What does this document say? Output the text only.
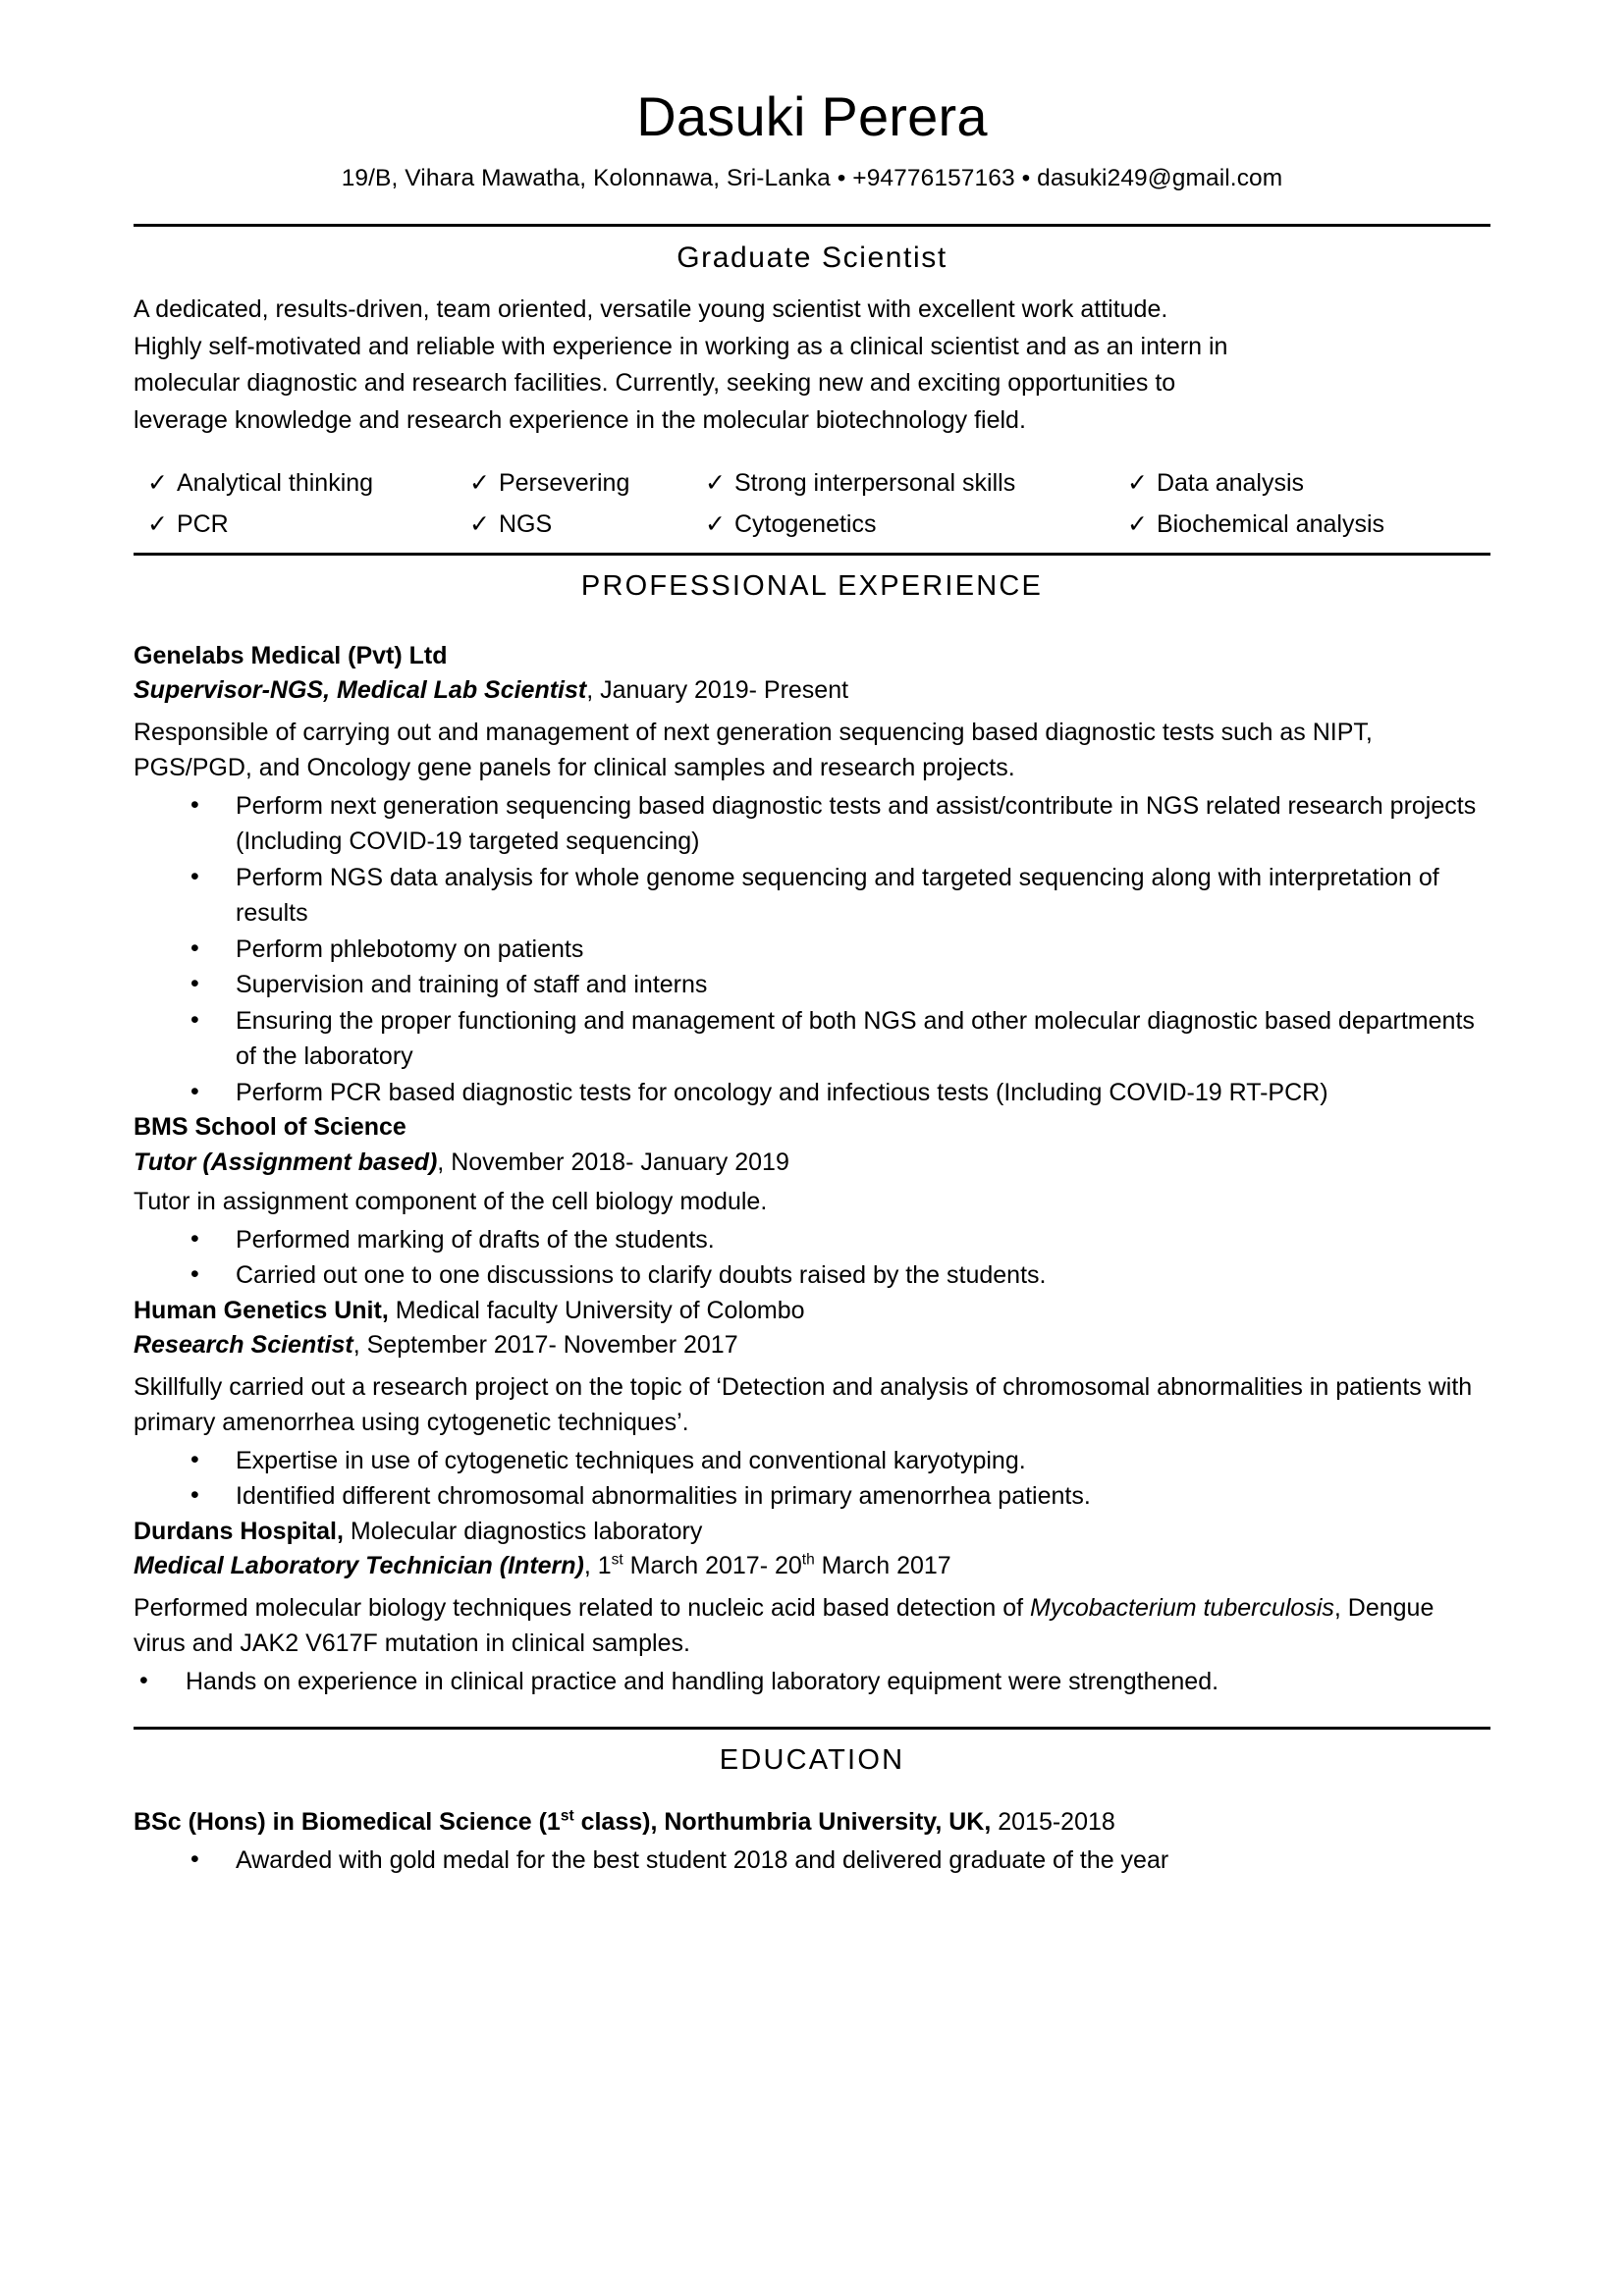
Dasuki Perera
19/B, Vihara Mawatha, Kolonnawa, Sri-Lanka • +94776157163 • dasuki249@gmail.com
Graduate Scientist
A dedicated, results-driven, team oriented, versatile young scientist with excellent work attitude.
Highly self-motivated and reliable with experience in working as a clinical scientist and as an intern in
molecular diagnostic and research facilities. Currently, seeking new and exciting opportunities to
leverage knowledge and research experience in the molecular biotechnology field.
✓ Analytical thinking	✓ Persevering	✓ Strong interpersonal skills	✓ Data analysis
✓ PCR	✓ NGS	✓ Cytogenetics	✓ Biochemical analysis
PROFESSIONAL EXPERIENCE
Genelabs Medical (Pvt) Ltd
Supervisor-NGS, Medical Lab Scientist, January 2019- Present
Responsible of carrying out and management of next generation sequencing based diagnostic tests such as NIPT, PGS/PGD, and Oncology gene panels for clinical samples and research projects.
• Perform next generation sequencing based diagnostic tests and assist/contribute in NGS related research projects (Including COVID-19 targeted sequencing)
• Perform NGS data analysis for whole genome sequencing and targeted sequencing along with interpretation of results
• Perform phlebotomy on patients
• Supervision and training of staff and interns
• Ensuring the proper functioning and management of both NGS and other molecular diagnostic based departments of the laboratory
• Perform PCR based diagnostic tests for oncology and infectious tests (Including COVID-19 RT-PCR)
BMS School of Science
Tutor (Assignment based), November 2018- January 2019
Tutor in assignment component of the cell biology module.
• Performed marking of drafts of the students.
• Carried out one to one discussions to clarify doubts raised by the students.
Human Genetics Unit, Medical faculty University of Colombo
Research Scientist, September 2017- November 2017
Skillfully carried out a research project on the topic of ‘Detection and analysis of chromosomal abnormalities in patients with primary amenorrhea using cytogenetic techniques’.
• Expertise in use of cytogenetic techniques and conventional karyotyping.
• Identified different chromosomal abnormalities in primary amenorrhea patients.
Durdans Hospital, Molecular diagnostics laboratory
Medical Laboratory Technician (Intern), 1st March 2017- 20th March 2017
Performed molecular biology techniques related to nucleic acid based detection of Mycobacterium tuberculosis, Dengue virus and JAK2 V617F mutation in clinical samples.
• Hands on experience in clinical practice and handling laboratory equipment were strengthened.
EDUCATION
BSc (Hons) in Biomedical Science (1st class), Northumbria University, UK, 2015-2018
• Awarded with gold medal for the best student 2018 and delivered graduate of the year
